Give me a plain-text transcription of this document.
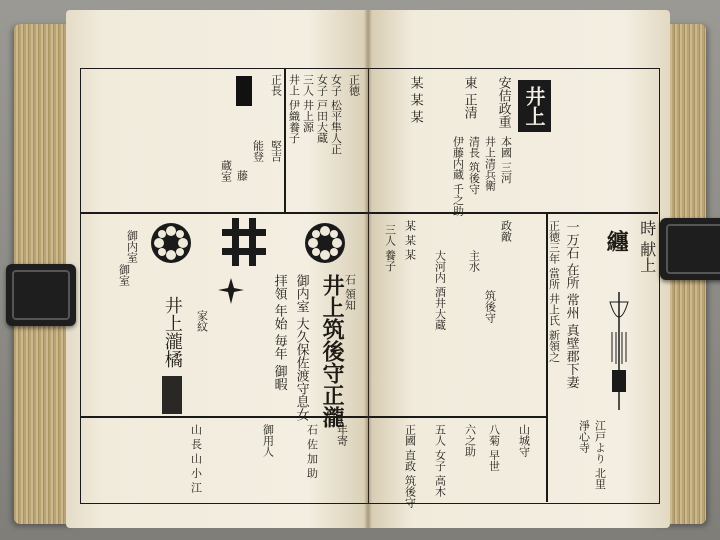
正徳
女子 松平隼人正
女子 戸田大蔵
三人 井上源
井上 伊織養子
正長
堅吉
能登
藤
蔵室
井上筑後守正瀧
井上瀧橘	御内室 大久保佐渡守息女
拝領 年始 毎年 御暇
御室	石 領知
御内室
家紋
山 長 山 小 江	御用人	年寄
石 佐 加 助
井上
安佶政重
本國 三河
井上清兵衛
清長 筑後守
伊藤内蔵 千之助
東 正清
某 某 某
時 献上
一万石 在所 常州 真壁郡下妻
正徳三年 當所 井上氏 新領之
江戸より 北里
淨心寺
纏
政敵
筑後守
主水
大河内 酒井大蔵
某 某 某
三人 養子
山城守
八菊 早世
六之助
五人 女子 高木
正國 直政 筑後守
